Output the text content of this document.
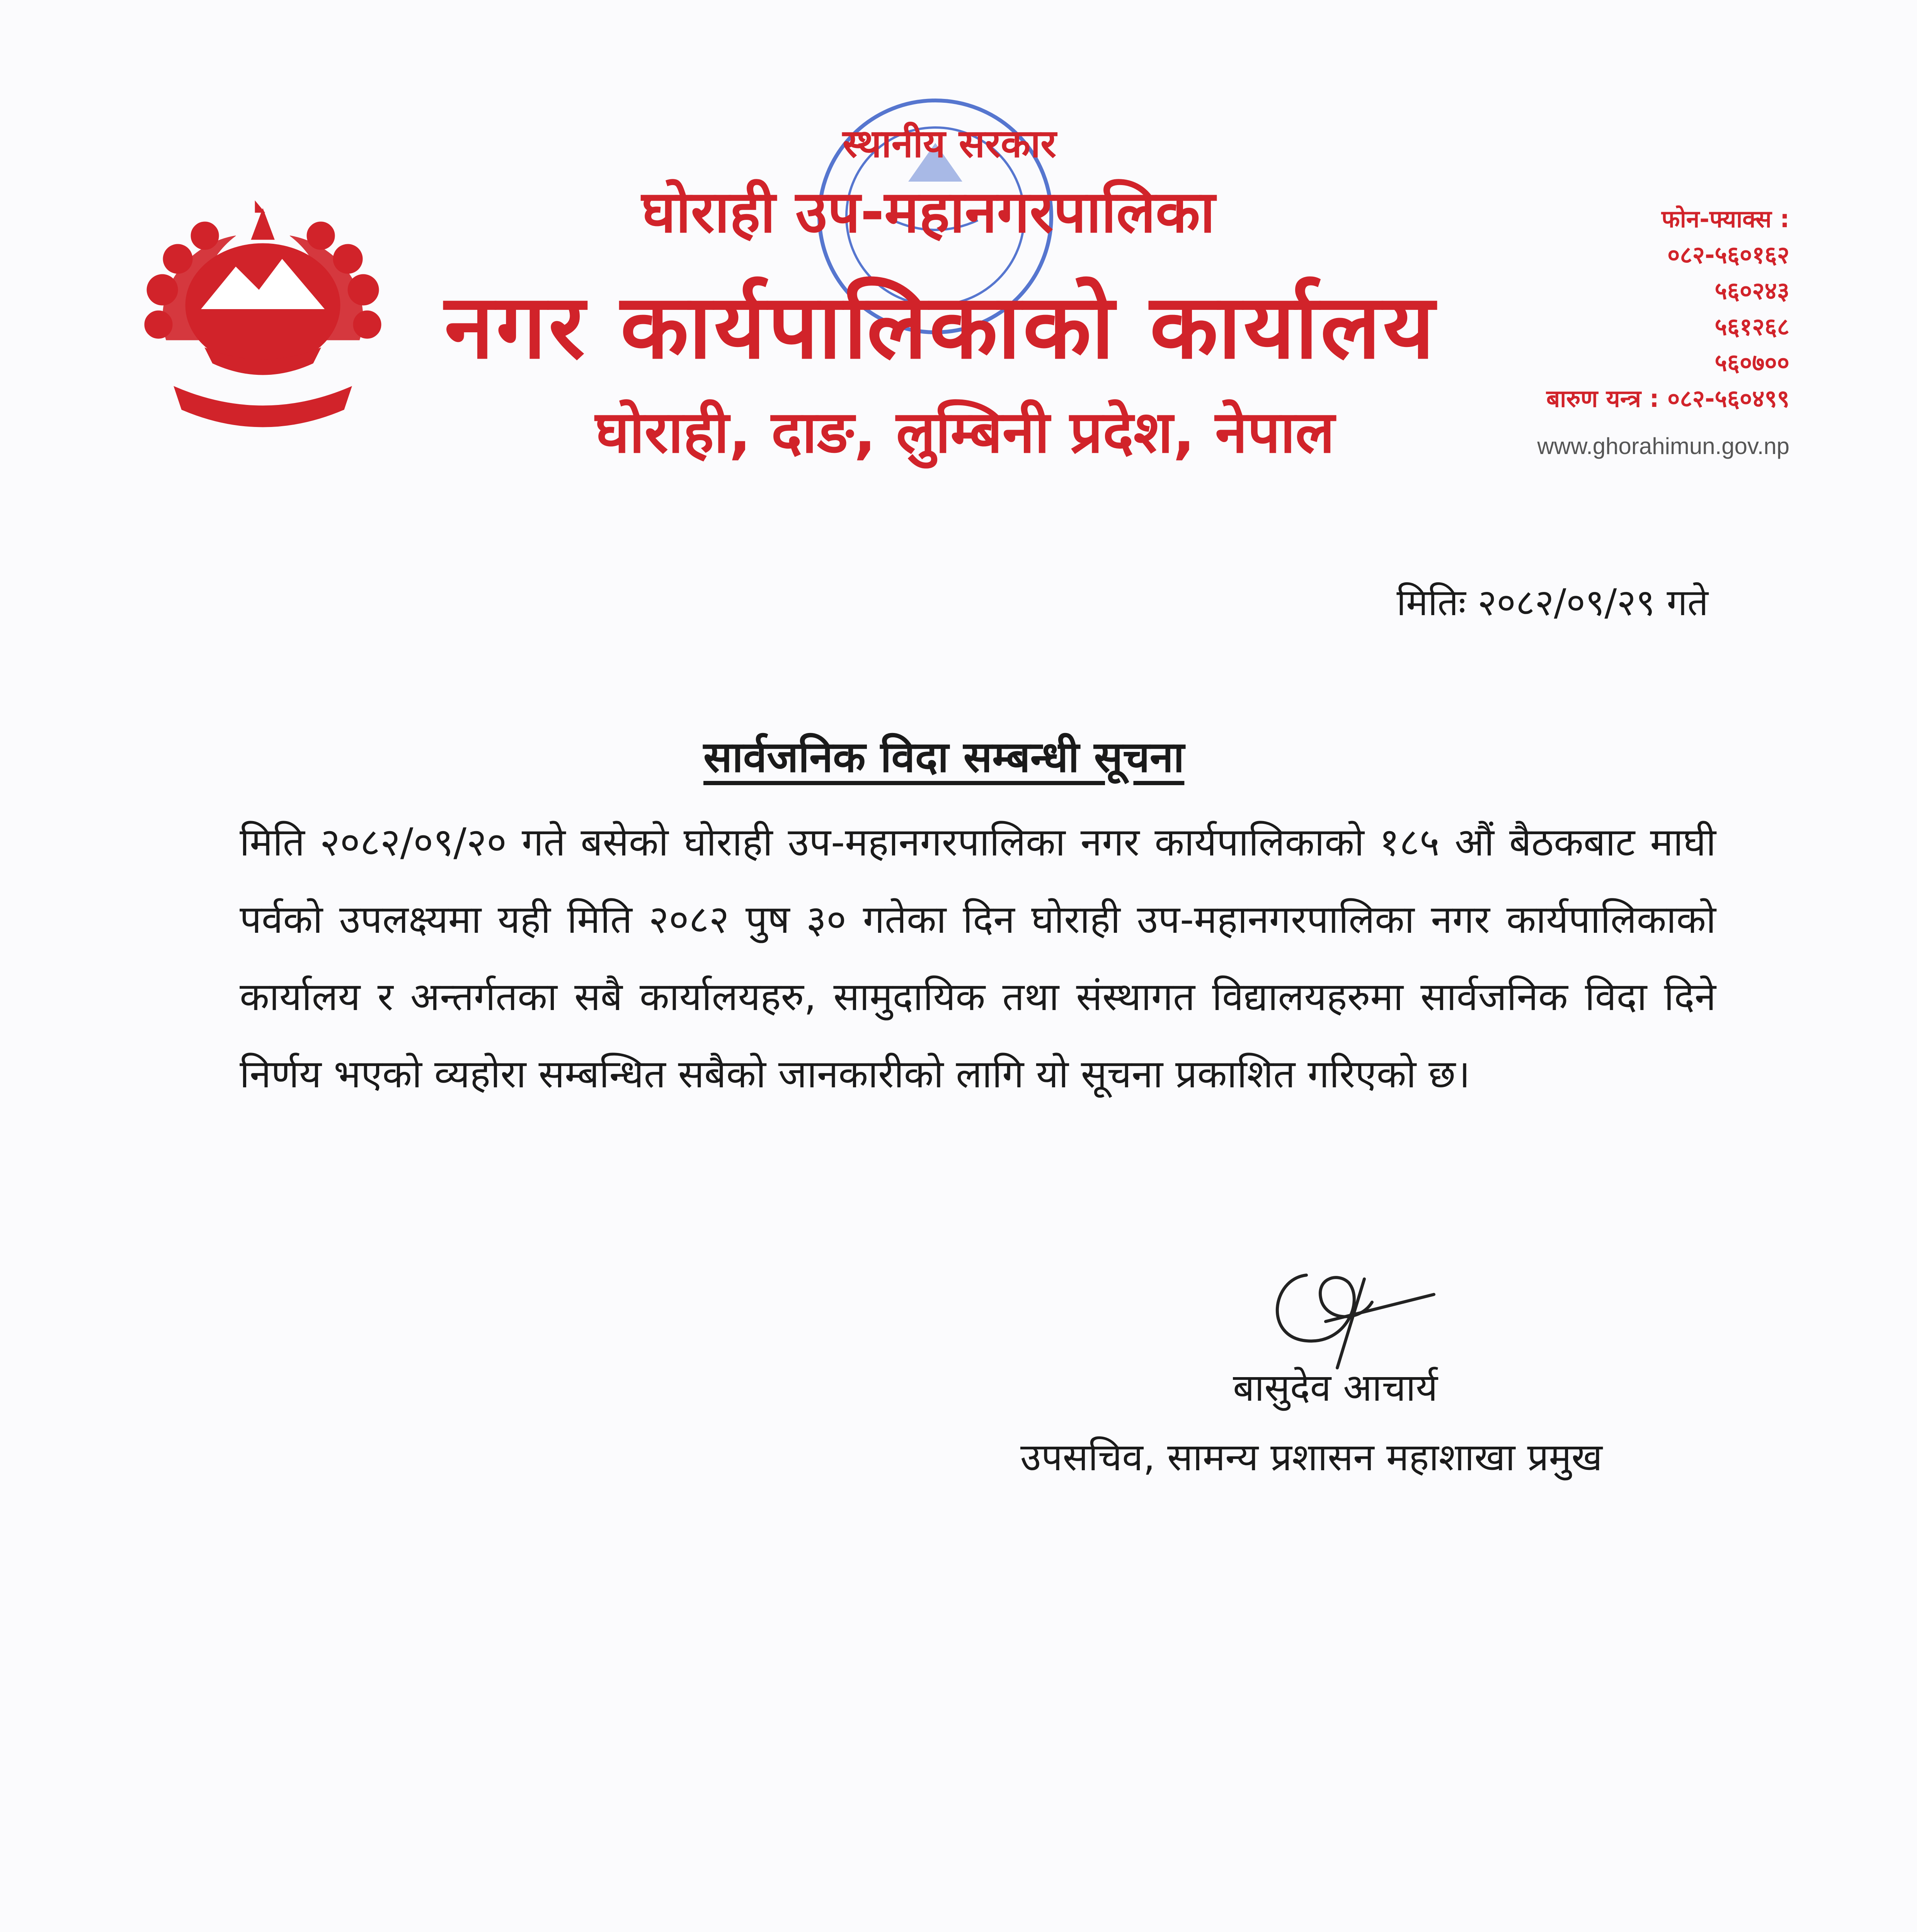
स्थानीय सरकार
घोराही उप-महानगरपालिका
नगर कार्यपालिकाको कार्यालय
घोराही, दाङ, लुम्बिनी प्रदेश, नेपाल
फोन-फ्याक्स :
०८२-५६०१६२
५६०२४३
५६१२६८
५६०७००
बारुण यन्त्र : ०८२-५६०४९९
www.ghorahimun.gov.np
मितिः २०८२/०९/२९ गते
सार्वजनिक विदा सम्बन्धी सूचना

मिति २०८२/०९/२० गते बसेको घोराही उप-महानगरपालिका नगर कार्यपालिकाको १८५ औं बैठकबाट माघी पर्वको उपलक्ष्यमा यही मिति २०८२ पुष ३० गतेका दिन घोराही उप-महानगरपालिका नगर कार्यपालिकाको कार्यालय र अन्तर्गतका सबै कार्यालयहरु, सामुदायिक तथा संस्थागत विद्यालयहरुमा सार्वजनिक विदा दिने निर्णय भएको व्यहोरा सम्बन्धित सबैको जानकारीको लागि यो सूचना प्रकाशित गरिएको छ।

बासुदेव आचार्य
उपसचिव, सामन्य प्रशासन महाशाखा प्रमुख
